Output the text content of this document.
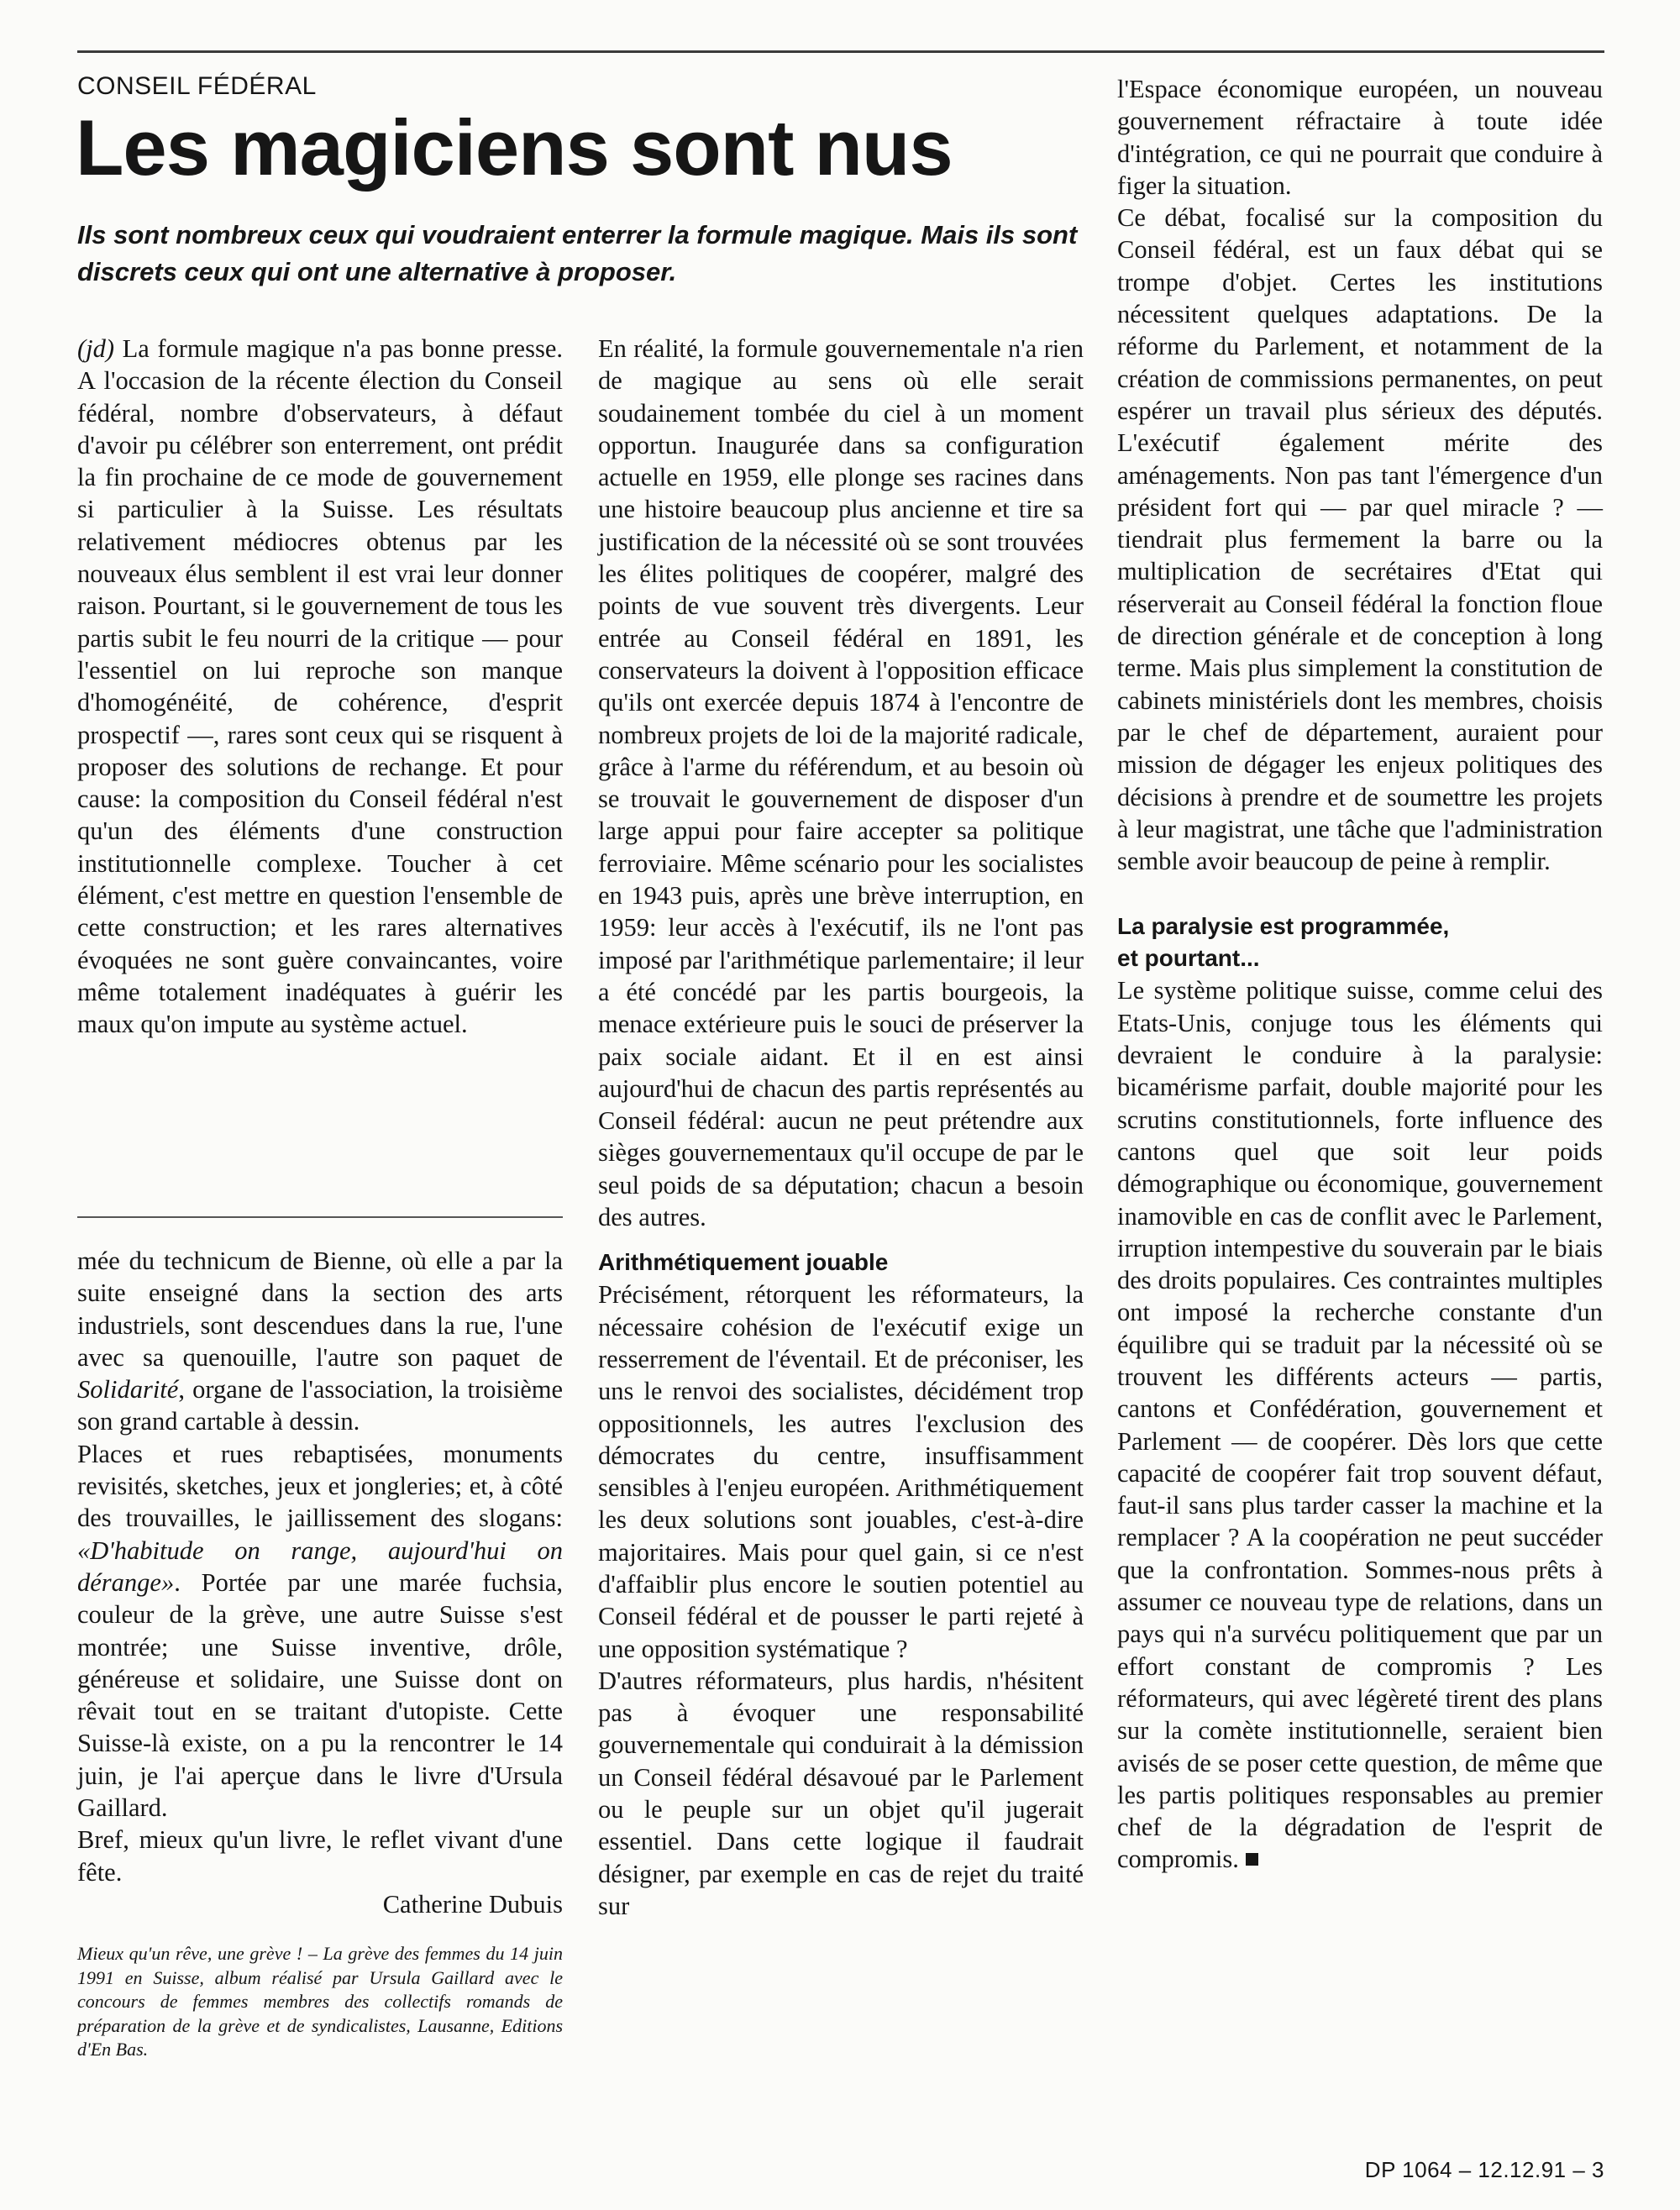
CONSEIL FÉDÉRAL
Les magiciens sont nus

Ils sont nombreux ceux qui voudraient enterrer la formule magique. Mais ils sont discrets ceux qui ont une alternative à proposer.

(jd) La formule magique n'a pas bonne presse. A l'occasion de la récente élection du Conseil fédéral, nombre d'observateurs, à défaut d'avoir pu célébrer son enterrement, ont prédit la fin prochaine de ce mode de gouvernement si particulier à la Suisse. Les résultats relativement médiocres obtenus par les nouveaux élus semblent il est vrai leur donner raison. Pourtant, si le gouvernement de tous les partis subit le feu nourri de la critique — pour l'essentiel on lui reproche son manque d'homogénéité, de cohérence, d'esprit prospectif —, rares sont ceux qui se risquent à proposer des solutions de rechange. Et pour cause: la composition du Conseil fédéral n'est qu'un des éléments d'une construction institutionnelle complexe. Toucher à cet élément, c'est mettre en question l'ensemble de cette construction; et les rares alternatives évoquées ne sont guère convaincantes, voire même totalement inadéquates à guérir les maux qu'on impute au système actuel.

mée du technicum de Bienne, où elle a par la suite enseigné dans la section des arts industriels, sont descendues dans la rue, l'une avec sa quenouille, l'autre son paquet de Solidarité, organe de l'association, la troisième son grand cartable à dessin.

Places et rues rebaptisées, monuments revisités, sketches, jeux et jongleries; et, à côté des trouvailles, le jaillissement des slogans: «D'habitude on range, aujourd'hui on dérange». Portée par une marée fuchsia, couleur de la grève, une autre Suisse s'est montrée; une Suisse inventive, drôle, généreuse et solidaire, une Suisse dont on rêvait tout en se traitant d'utopiste. Cette Suisse-là existe, on a pu la rencontrer le 14 juin, je l'ai aperçue dans le livre d'Ursula Gaillard.

Bref, mieux qu'un livre, le reflet vivant d'une fête.

Catherine Dubuis

Mieux qu'un rêve, une grève ! – La grève des femmes du 14 juin 1991 en Suisse, album réalisé par Ursula Gaillard avec le concours de femmes membres des collectifs romands de préparation de la grève et de syndicalistes, Lausanne, Editions d'En Bas.

En réalité, la formule gouvernementale n'a rien de magique au sens où elle serait soudainement tombée du ciel à un moment opportun. Inaugurée dans sa configuration actuelle en 1959, elle plonge ses racines dans une histoire beaucoup plus ancienne et tire sa justification de la nécessité où se sont trouvées les élites politiques de coopérer, malgré des points de vue souvent très divergents. Leur entrée au Conseil fédéral en 1891, les conservateurs la doivent à l'opposition efficace qu'ils ont exercée depuis 1874 à l'encontre de nombreux projets de loi de la majorité radicale, grâce à l'arme du référendum, et au besoin où se trouvait le gouvernement de disposer d'un large appui pour faire accepter sa politique ferroviaire. Même scénario pour les socialistes en 1943 puis, après une brève interruption, en 1959: leur accès à l'exécutif, ils ne l'ont pas imposé par l'arithmétique parlementaire; il leur a été concédé par les partis bourgeois, la menace extérieure puis le souci de préserver la paix sociale aidant. Et il en est ainsi aujourd'hui de chacun des partis représentés au Conseil fédéral: aucun ne peut prétendre aux sièges gouvernementaux qu'il occupe de par le seul poids de sa députation; chacun a besoin des autres.

Arithmétiquement jouable

Précisément, rétorquent les réformateurs, la nécessaire cohésion de l'exécutif exige un resserrement de l'éventail. Et de préconiser, les uns le renvoi des socialistes, décidément trop oppositionnels, les autres l'exclusion des démocrates du centre, insuffisamment sensibles à l'enjeu européen. Arithmétiquement les deux solutions sont jouables, c'est-à-dire majoritaires. Mais pour quel gain, si ce n'est d'affaiblir plus encore le soutien potentiel au Conseil fédéral et de pousser le parti rejeté à une opposition systématique ?

D'autres réformateurs, plus hardis, n'hésitent pas à évoquer une responsabilité gouvernementale qui conduirait à la démission un Conseil fédéral désavoué par le Parlement ou le peuple sur un objet qu'il jugerait essentiel. Dans cette logique il faudrait désigner, par exemple en cas de rejet du traité sur

l'Espace économique européen, un nouveau gouvernement réfractaire à toute idée d'intégration, ce qui ne pourrait que conduire à figer la situation.

Ce débat, focalisé sur la composition du Conseil fédéral, est un faux débat qui se trompe d'objet. Certes les institutions nécessitent quelques adaptations. De la réforme du Parlement, et notamment de la création de commissions permanentes, on peut espérer un travail plus sérieux des députés. L'exécutif également mérite des aménagements. Non pas tant l'émergence d'un président fort qui — par quel miracle ? — tiendrait plus fermement la barre ou la multiplication de secrétaires d'Etat qui réserverait au Conseil fédéral la fonction floue de direction générale et de conception à long terme. Mais plus simplement la constitution de cabinets ministériels dont les membres, choisis par le chef de département, auraient pour mission de dégager les enjeux politiques des décisions à prendre et de soumettre les projets à leur magistrat, une tâche que l'administration semble avoir beaucoup de peine à remplir.

La paralysie est programmée,
et pourtant...

Le système politique suisse, comme celui des Etats-Unis, conjuge tous les éléments qui devraient le conduire à la paralysie: bicamérisme parfait, double majorité pour les scrutins constitutionnels, forte influence des cantons quel que soit leur poids démographique ou économique, gouvernement inamovible en cas de conflit avec le Parlement, irruption intempestive du souverain par le biais des droits populaires. Ces contraintes multiples ont imposé la recherche constante d'un équilibre qui se traduit par la nécessité où se trouvent les différents acteurs — partis, cantons et Confédération, gouvernement et Parlement — de coopérer. Dès lors que cette capacité de coopérer fait trop souvent défaut, faut-il sans plus tarder casser la machine et la remplacer ? A la coopération ne peut succéder que la confrontation. Sommes-nous prêts à assumer ce nouveau type de relations, dans un pays qui n'a survécu politiquement que par un effort constant de compromis ? Les réformateurs, qui avec légèreté tirent des plans sur la comète institutionnelle, seraient bien avisés de se poser cette question, de même que les partis politiques responsables au premier chef de la dégradation de l'esprit de compromis.

DP 1064 – 12.12.91 – 3
